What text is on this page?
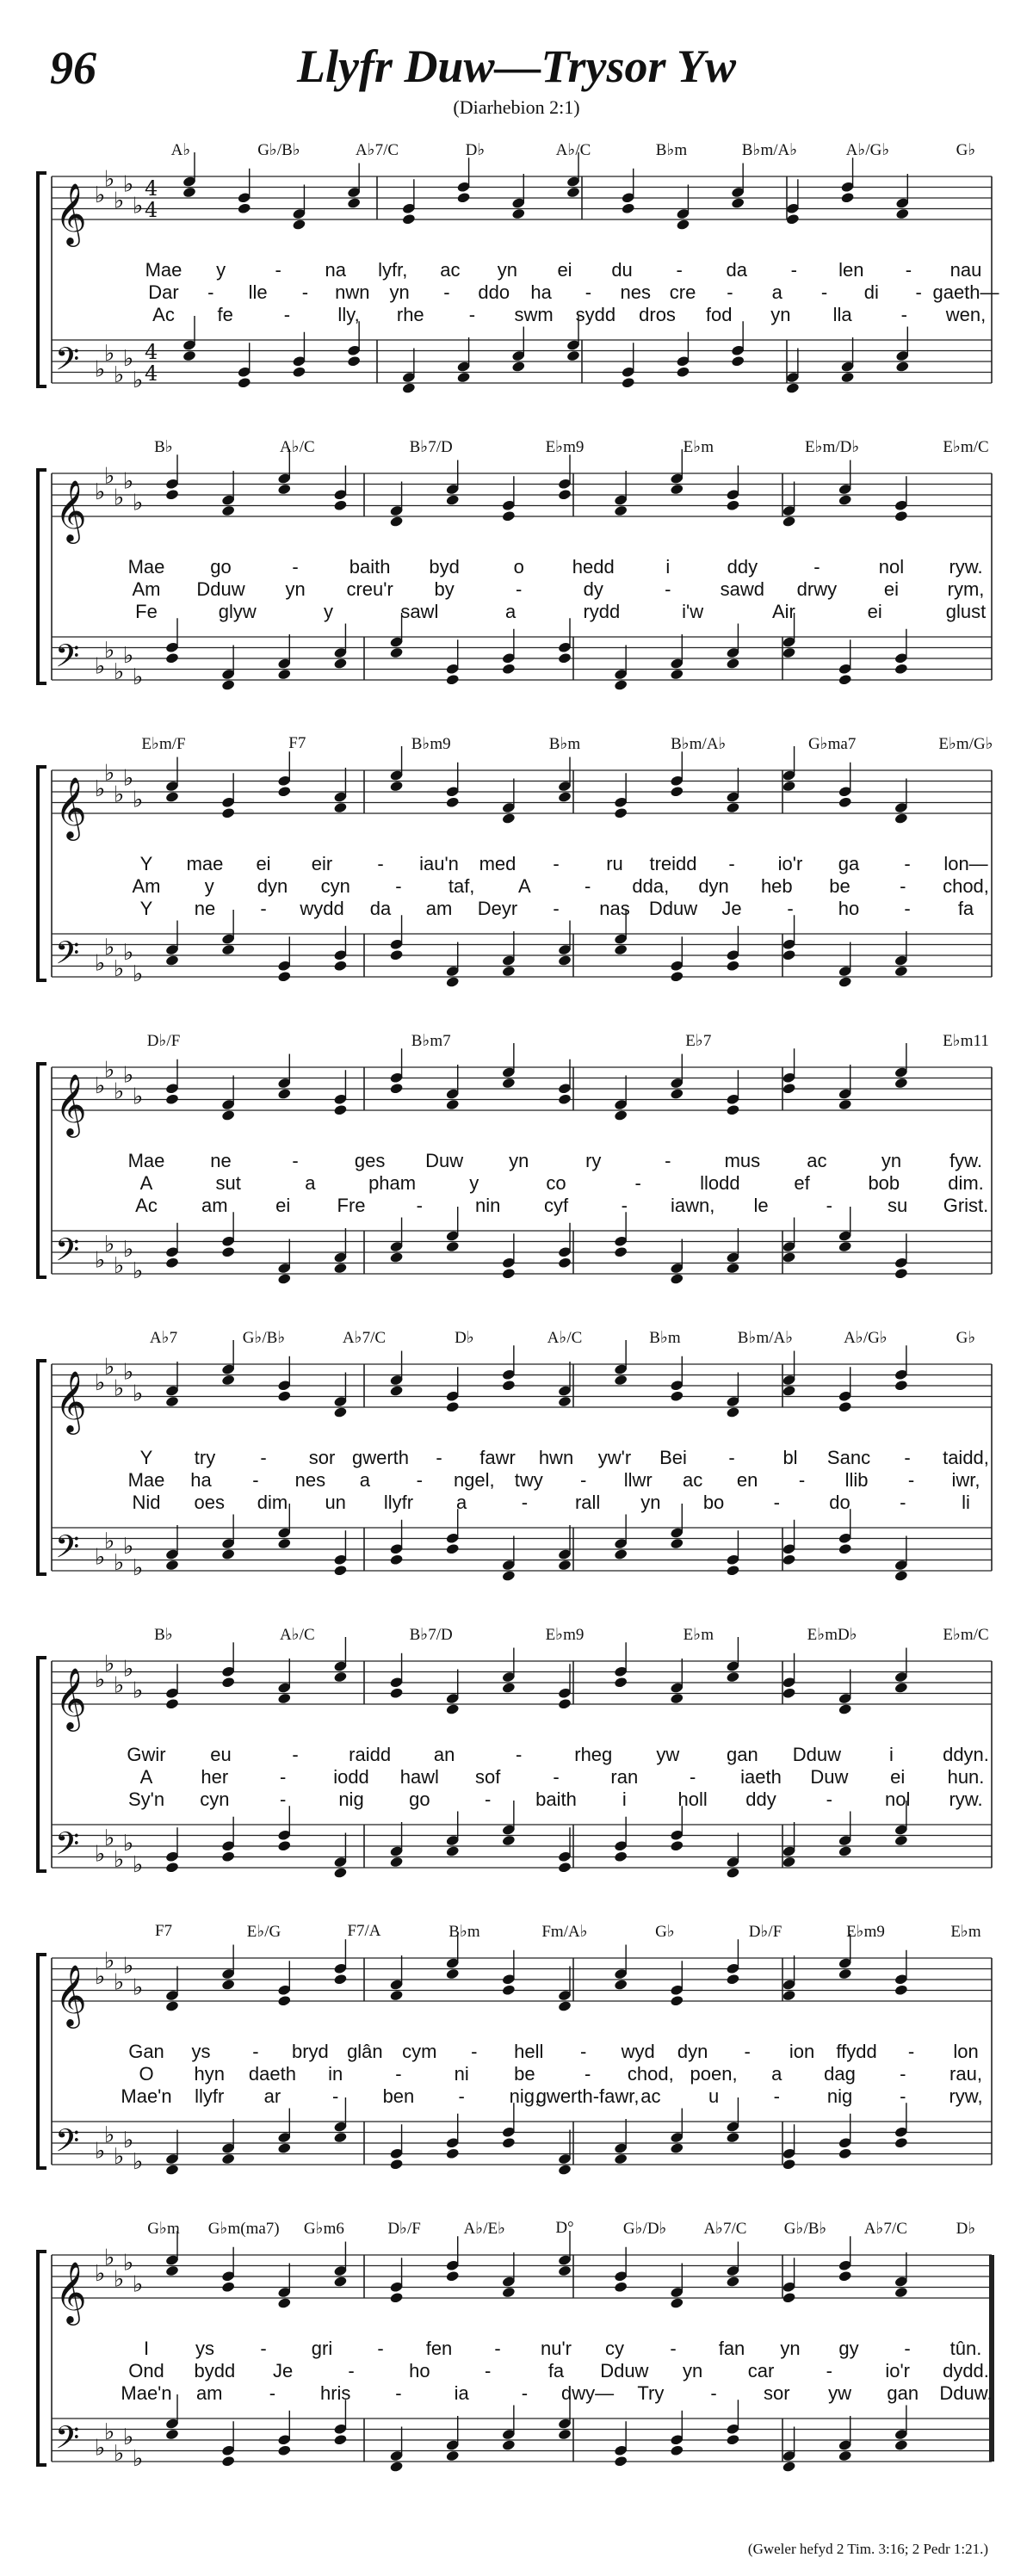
96	Llyfr Duw—Trysor Yw
(Diarhebion 2:1)
𝄞 ♭
♭
♭
♭
♭
4
4
𝄢 ♭
♭
♭
♭
♭
4
4
A♭	G♭/B♭	A♭7/C	D♭	A♭/C	B♭m	B♭m/A♭	A♭/G♭	G♭
Mae y	- na lyfr, ac yn ei du - da - len - nau
Dar - lle - nwn yn - ddo ha - nes cre - a - di - gaeth—
Ac fe	-	lly, rhe - swm sydd dros fod yn lla	- wen,
𝄞 ♭
♭
♭
♭
♭
𝄢 ♭
♭
♭
♭
♭
B♭	A♭/C	B♭7/D	E♭m9	E♭m	E♭m/D♭	E♭m/C
Mae go	-	baith byd	o	hedd	i	ddy	-	nol ryw.
Am Dduw yn creu'r by	-	dy	-	sawd drwy ei	rym,
Fe	glyw	y	sawl	a	rydd	i'w	Air	ei	glust
𝄞 ♭
♭
♭
♭
♭
𝄢 ♭
♭
♭
♭
♭
E♭m/F	F7	B♭m9	B♭m	B♭m/A♭	G♭ma7	E♭m/G♭
Y mae ei eir - iau'n med - ru treidd - io'r ga - lon—
Am y dyn cyn - taf, A	- dda, dyn heb be	- chod,
Y ne - wydd da am Deyr - nas Dduw Je - ho -	fa
𝄞 ♭
♭
♭
♭
♭
𝄢 ♭
♭
♭
♭
♭
D♭/F	B♭m7	E♭7	E♭m11
Mae ne	-	ges Duw yn	ry	-	mus ac	yn	fyw.
A	sut	a	pham	y	co	-	llodd	ef	bob	dim.
Ac am	ei Fre	-	nin cyf	- iawn, le	-	su Grist.
𝄞 ♭
♭
♭
♭
♭
𝄢 ♭
♭
♭
♭
♭
A♭7	G♭/B♭	A♭7/C	D♭	A♭/C	B♭m	B♭m/A♭	A♭/G♭	G♭
Y try - sor gwerth - fawr hwn yw'r Bei -	bl Sanc - taidd,
Mae ha - nes a - ngel, twy - llwr ac en - llib - iwr,
Nid oes dim un llyfr a	- rall yn bo	-	do	-	li
𝄞 ♭
♭
♭
♭
♭
𝄢 ♭
♭
♭
♭
♭
B♭	A♭/C	B♭7/D	E♭m9	E♭m	E♭mD♭	E♭m/C
Gwir eu	-	raidd an	-	rheg yw gan Dduw	i	ddyn.
A	her	- iodd hawl sof	-	ran	- iaeth Duw ei hun.
Sy'n cyn	-	nig go	- baith i	holl ddy	-	nol ryw.
𝄞 ♭
♭
♭
♭
♭
𝄢 ♭
♭
♭
♭
♭
F7	E♭/G	F7/A	B♭m	Fm/A♭	G♭	D♭/F	E♭m9	E♭m
Gan ys - bryd glân cym - hell - wyd dyn - ion ffydd - lon
O hyn daeth in	-	ni be	- chod, poen, a dag - rau,
Mae'n llyfr ar	- ben - nig,
gwerth-fawr, ac	u	- nig - ryw,
𝄞 ♭
♭
♭
♭
♭
𝄢 ♭
♭
♭
♭
♭
G♭m G♭m(ma7) G♭m6	D♭/F	A♭/E♭	D°	G♭/D♭ A♭7/C G♭/B♭ A♭7/C	D♭
I ys - gri - fen - nu'r cy - fan yn gy - tûn.
Ond bydd Je	-	ho	-	fa Dduw yn car	-	io'r dydd.
Mae'n am - hris -	ia	- dwy— Try - sor yw gan Dduw.
(Gweler hefyd 2 Tim. 3:16; 2 Pedr 1:21.)
